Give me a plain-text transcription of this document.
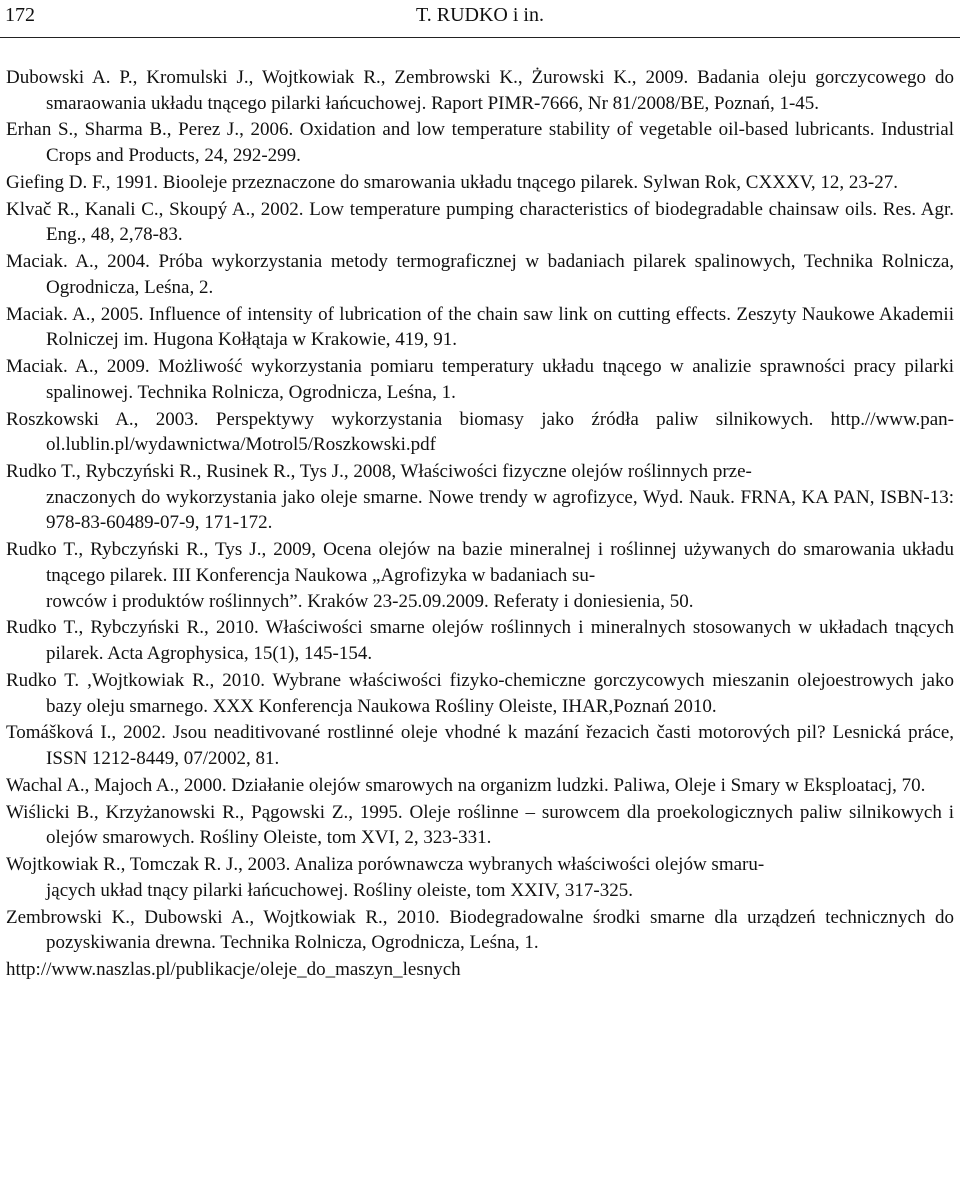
172	T. RUDKO i in.

Dubowski A. P., Kromulski J., Wojtkowiak R., Zembrowski K., Żurowski K., 2009. Badania oleju gorczycowego do smaraowania układu tnącego pilarki łańcuchowej. Raport PIMR-7666, Nr 81/2008/BE, Poznań, 1-45.

Erhan S., Sharma B., Perez J., 2006. Oxidation and low temperature stability of vegetable oil-based lubricants. Industrial Crops and Products, 24, 292-299.

Giefing D. F., 1991. Biooleje przeznaczone do smarowania układu tnącego pilarek. Sylwan Rok, CXXXV, 12, 23-27.

Klvač R., Kanali C., Skoupý A., 2002. Low temperature pumping characteristics of biodegradable chainsaw oils. Res. Agr. Eng., 48, 2,78-83.

Maciak. A., 2004. Próba wykorzystania metody termograficznej w badaniach pilarek spalinowych, Technika Rolnicza, Ogrodnicza, Leśna, 2.

Maciak. A., 2005. Influence of intensity of lubrication of the chain saw link on cutting effects. Zeszyty Naukowe Akademii Rolniczej im. Hugona Kołłątaja w Krakowie, 419, 91.

Maciak. A., 2009. Możliwość wykorzystania pomiaru temperatury układu tnącego w analizie sprawności pracy pilarki spalinowej. Technika Rolnicza, Ogrodnicza, Leśna, 1.

Roszkowski A., 2003. Perspektywy wykorzystania biomasy jako źródła paliw silnikowych. http.//www.pan-ol.lublin.pl/wydawnictwa/Motrol5/Roszkowski.pdf

Rudko T., Rybczyński R., Rusinek R., Tys J., 2008, Właściwości fizyczne olejów roślinnych prze-
znaczonych do wykorzystania jako oleje smarne. Nowe trendy w agrofizyce, Wyd. Nauk. FRNA, KA PAN, ISBN-13: 978-83-60489-07-9, 171-172.

Rudko T., Rybczyński R., Tys J., 2009, Ocena olejów na bazie mineralnej i roślinnej używanych do smarowania układu tnącego pilarek. III Konferencja Naukowa „Agrofizyka w badaniach su-
rowców i produktów roślinnych”. Kraków 23-25.09.2009. Referaty i doniesienia, 50.

Rudko T., Rybczyński R., 2010. Właściwości smarne olejów roślinnych i mineralnych stosowanych w układach tnących pilarek. Acta Agrophysica, 15(1), 145-154.

Rudko T. ,Wojtkowiak R., 2010. Wybrane właściwości fizyko-chemiczne gorczycowych mieszanin olejoestrowych jako bazy oleju smarnego. XXX Konferencja Naukowa Rośliny Oleiste, IHAR,Poznań 2010.

Tomášková I., 2002. Jsou neaditivované rostlinné oleje vhodné k mazání řezacich časti motorových pil? Lesnická práce, ISSN 1212-8449, 07/2002, 81.

Wachal A., Majoch A., 2000. Działanie olejów smarowych na organizm ludzki. Paliwa, Oleje i Smary w Eksploatacj, 70.

Wiślicki B., Krzyżanowski R., Pągowski Z., 1995. Oleje roślinne – surowcem dla proekologicznych paliw silnikowych i olejów smarowych. Rośliny Oleiste, tom XVI, 2, 323-331.

Wojtkowiak R., Tomczak R. J., 2003. Analiza porównawcza wybranych właściwości olejów smaru-
jących układ tnący pilarki łańcuchowej. Rośliny oleiste, tom XXIV, 317-325.

Zembrowski K., Dubowski A., Wojtkowiak R., 2010. Biodegradowalne środki smarne dla urządzeń technicznych do pozyskiwania drewna. Technika Rolnicza, Ogrodnicza, Leśna, 1.

http://www.naszlas.pl/publikacje/oleje_do_maszyn_lesnych
